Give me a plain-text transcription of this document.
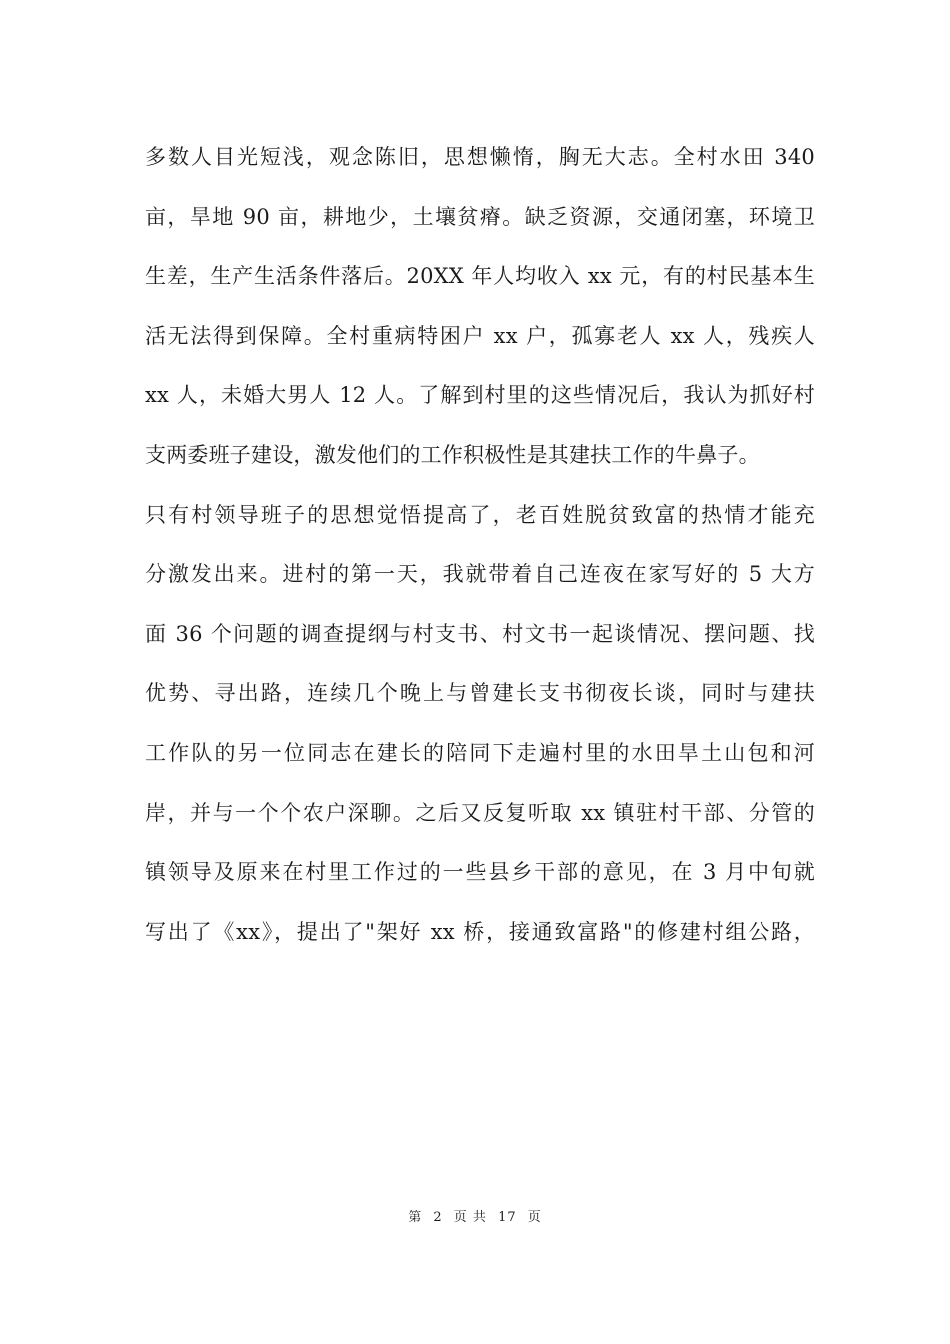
多数人目光短浅，观念陈旧，思想懒惰，胸无大志。全村水田 340
亩，旱地 90 亩，耕地少，土壤贫瘠。缺乏资源，交通闭塞，环境卫
生差，生产生活条件落后。20XX 年人均收入 xx 元，有的村民基本生
活无法得到保障。全村重病特困户 xx 户，孤寡老人 xx 人，残疾人
xx 人，未婚大男人 12 人。了解到村里的这些情况后，我认为抓好村
支两委班子建设，激发他们的工作积极性是其建扶工作的牛鼻子。
只有村领导班子的思想觉悟提高了，老百姓脱贫致富的热情才能充
分激发出来。进村的第一天，我就带着自己连夜在家写好的 5 大方
面 36 个问题的调查提纲与村支书、村文书一起谈情况、摆问题、找
优势、寻出路，连续几个晚上与曾建长支书彻夜长谈，同时与建扶
工作队的另一位同志在建长的陪同下走遍村里的水田旱土山包和河
岸，并与一个个农户深聊。之后又反复听取 xx 镇驻村干部、分管的
镇领导及原来在村里工作过的一些县乡干部的意见，在 3 月中旬就
写出了《xx》，提出了"架好 xx 桥，接通致富路"的修建村组公路，
第 2 页 共 17 页
